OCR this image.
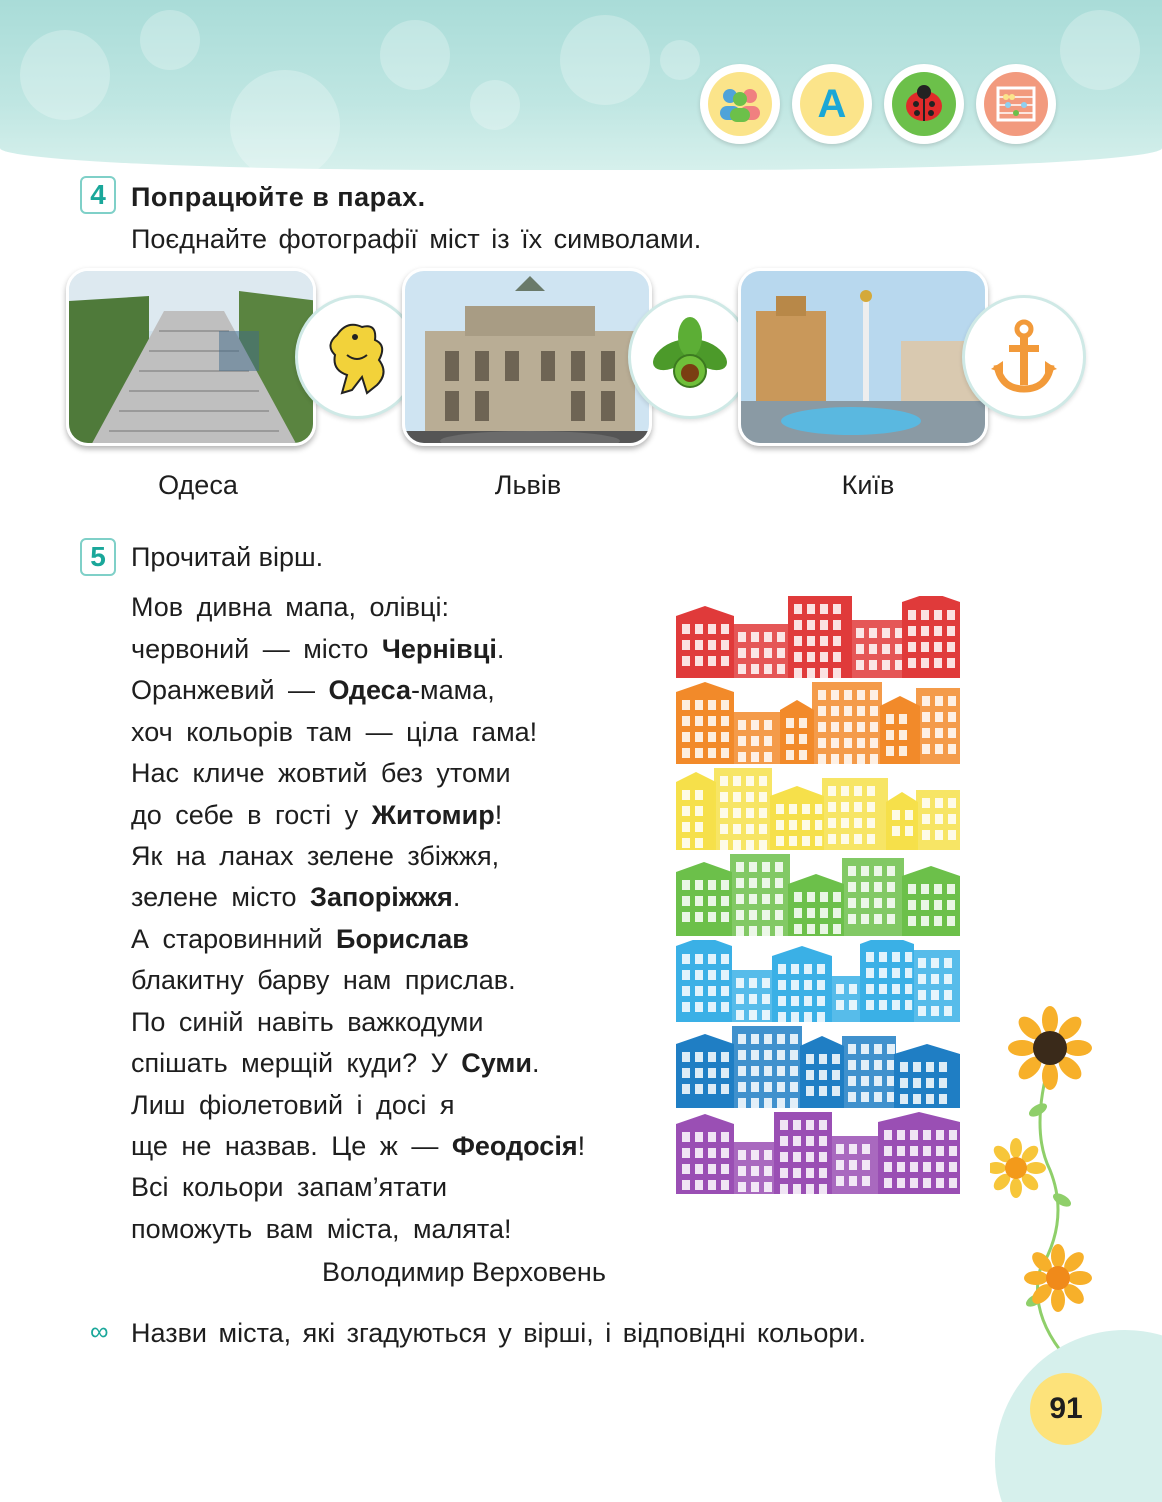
A
4 Попрацюйте в парах.
Поєднайте фотографії міст із їх символами.
Одеса	Львів	Київ
5 Прочитай вірш.
Мов дивна мапа, олівці:
червоний — місто Чернівці.
Оранжевий — Одеса-мама,
хоч кольорів там — ціла гама!
Нас кличе жовтий без утоми
до себе в гості у Житомир!
Як на ланах зелене збіжжя,
зелене місто Запоріжжя.
А старовинний Борислав
блакитну барву нам прислав.
По синій навіть важкодуми
спішать мерщій куди? У Суми.
Лиш фіолетовий і досі я
ще не назвав. Це ж — Феодосія!
Всі кольори запам’ятати
поможуть вам міста, малята!
Володимир Верховень
∞ Назви міста, які згадуються у вірші, і відповідні кольори.
91
